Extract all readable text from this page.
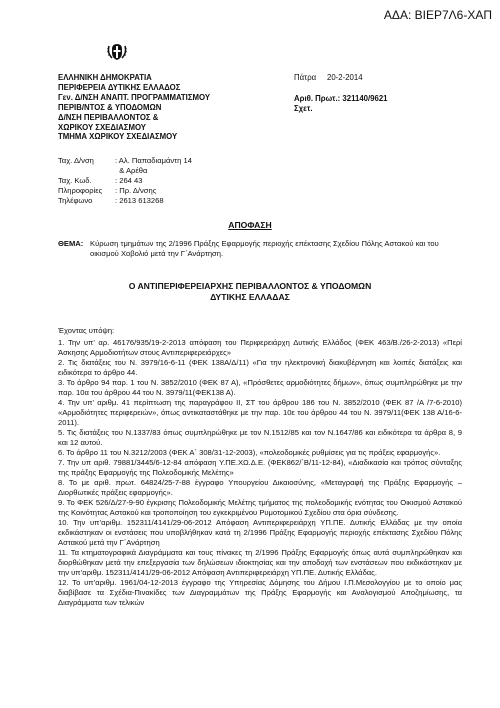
ΑΔΑ: ΒΙΕΡ7Λ6-ΧΑΠ
ΕΛΛΗΝΙΚΗ ΔΗΜΟΚΡΑΤΙΑ
ΠΕΡΙΦΕΡΕΙΑ ΔΥΤΙΚΗΣ ΕΛΛΑΔΟΣ
Γεν. Δ/ΝΣΗ ΑΝΑΠΤ. ΠΡΟΓΡΑΜΜΑΤΙΣΜΟΥ
ΠΕΡΙΒ/ΝΤΟΣ & ΥΠΟΔΟΜΩΝ
Δ/ΝΣΗ ΠΕΡΙΒΑΛΛΟΝΤΟΣ &
ΧΩΡΙΚΟΥ ΣΧΕΔΙΑΣΜΟΥ
ΤΜΗΜΑ ΧΩΡΙΚΟΥ ΣΧΕΔΙΑΣΜΟΥ
Πάτρα     20-2-2014
Αριθ. Πρωτ.: 321140/9621
Σχετ.
Ταχ. Δ/νση	: Αλ. Παπαδιαμάντη 14
& Αρέθα
Ταχ. Κωδ.	: 264 43
Πληροφορίες	: Πρ. Δ/νσης
Τηλέφωνο	: 2613 613268
ΑΠΟΦΑΣΗ
ΘΕΜΑ: Κύρωση τμημάτων της 2/1996 Πράξης Εφαρμογής περιοχής επέκτασης Σχεδίου Πόλης Αστακού και του οικισμού Χοβολιό μετά την Γ΄Ανάρτηση.
Ο ΑΝΤΙΠΕΡΙΦΕΡΕΙΑΡΧΗΣ ΠΕΡΙΒΑΛΛΟΝΤΟΣ & ΥΠΟΔΟΜΩΝ
ΔΥΤΙΚΗΣ ΕΛΛΑΔΑΣ
Έχοντας υπόψη:

1. Την υπ’ αρ. 46176/935/19-2-2013 απόφαση του Περιφερειάρχη Δυτικής Ελλάδος (ΦΕΚ 463/Β./26-2-2013) «Περί Άσκησης Αρμοδιοτήτων στους Αντιπεριφερειάρχες»

2. Τις διατάξεις του Ν. 3979/16-6-11 (ΦΕΚ 138Α/Δ/11) «Για την ηλεκτρονική διακυβέρνηση και λοιπές διατάξεις και ειδικότερα το άρθρο 44.

3. Το άρθρο 94 παρ. 1 του Ν. 3852/2010 (ΦΕΚ 87 Α), «Πρόσθετες αρμοδιότητες δήμων», όπως συμπληρώθηκε με την παρ. 10α του άρθρου 44 του Ν. 3979/11(ΦΕΚ138 Α).

4. Την υπ’ αριθμ. 41 περίπτωση της παραγράφου ΙΙ, ΣΤ του άρθρου 186 του Ν. 3852/2010 (ΦΕΚ 87 /Α /7-6-2010) «Αρμοδιότητες περιφερειών», όπως αντικαταστάθηκε με την παρ. 10ε του άρθρου 44 του Ν. 3979/11(ΦΕΚ 138 Α/16-6-2011).

5. Τις διατάξεις του Ν.1337/83 όπως συμπληρώθηκε με τον Ν.1512/85 και τον Ν.1647/86 και ειδικότερα τα άρθρα 8, 9 και 12 αυτού.

6. Το άρθρο 11 του Ν.3212/2003 (ΦΕΚ Α΄ 308/31-12-2003), «πολεοδομικές ρυθμίσεις για τις πράξεις εφαρμογής».

7. Την υπ αριθ. 79881/3445/6-12-84 απόφαση Υ.ΠΕ.ΧΩ.Δ.Ε. (ΦΕΚ862/΄Β/11-12-84), «Διαδικασία και τρόπος σύνταξης της πράξης Εφαρμογής της Πολεοδομικής Μελέτης»

8. Το με αριθ. πρωτ. 64824/25-7-88 έγγραφο Υπουργείου Δικαιοσύνης, «Μεταγραφή της Πράξης Εφαρμογής – Διορθωτικές πράξεις εφαρμογής».

9. Το ΦΕΚ 526/Δ/27-9-90 έγκρισης Πολεοδομικής Μελέτης τμήματος της πολεοδομικής ενότητας του Οικισμού Αστακού της Κοινότητας Αστακού και τροποποίηση του εγκεκριμένου Ρυμοτομικού Σχεδίου στα όρια σύνδεσης.

10. Την υπ’αριθμ. 152311/4141/29-06-2012 Απόφαση Αντιπεριφερειάρχη ΥΠ.ΠΕ. Δυτικής Ελλάδας με την οποία εκδικάστηκαν οι ενστάσεις που υποβλήθηκαν κατά τη 2/1996 Πράξης Εφαρμογής περιοχής επέκτασης Σχεδίου Πόλης Αστακού μετά την Γ΄Ανάρτηση

11. Τα κτηματογραφικά Διαγράμματα και τους πίνακες τη 2/1996 Πράξης Εφαρμογής όπως αυτά συμπληρώθηκαν και διορθώθηκαν μετά την επεξεργασία των δηλώσεων ιδιοκτησίας και την αποδοχή των ενστάσεων που εκδικάστηκαν με την υπ’αριθμ. 152311/4141/29-06-2012 Απόφαση Αντιπεριφερειάρχη ΥΠ.ΠΕ. Δυτικής Ελλάδας.

12. Το υπ’αριθμ. 1961/04-12-2013 έγγραφο της Υπηρεσίας Δόμησης του Δήμου Ι.Π.Μεσολογγίου με το οποίο μας διαβίβασε τα Σχέδια-Πινακίδες των Διαγραμμάτων της Πράξης Εφαρμογής και Αναλογισμού Αποζημίωσης, τα Διαγράμματα των τελικών
